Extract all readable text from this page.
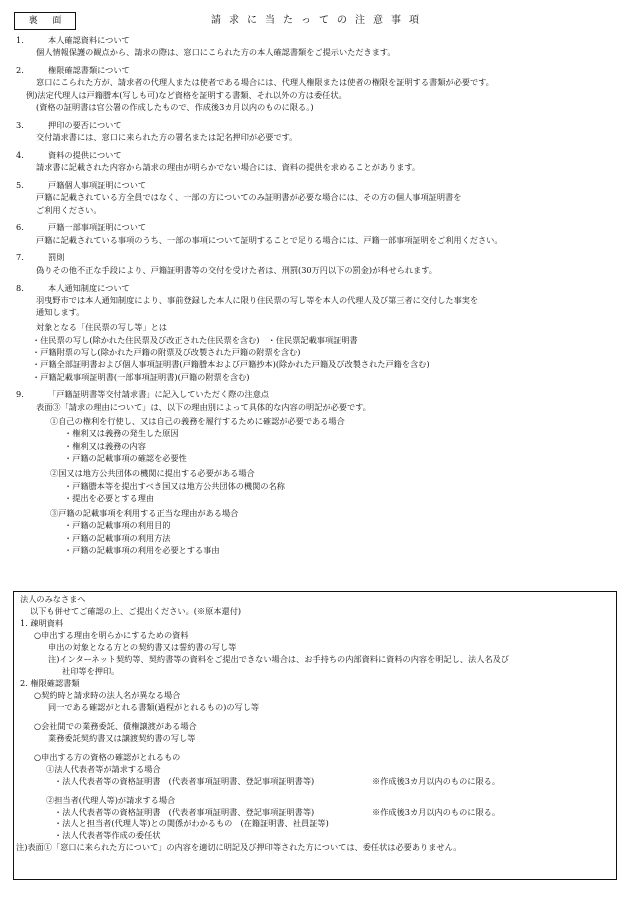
裏 面	請求に当たっての注意事項
1.	本人確認資料について
個人情報保護の観点から、請求の際は、窓口にこられた方の本人確認書類をご提示いただきます。
2.	権限確認書類について
窓口にこられた方が、請求者の代理人または使者である場合には、代理人権限または使者の権限を証明する書類が必要です。
例)法定代理人は戸籍謄本(写しも可)など資格を証明する書類、それ以外の方は委任状。
(資格の証明書は官公署の作成したもので、作成後3カ月以内のものに限る。)
3.	押印の要否について
交付請求書には、窓口に来られた方の署名または記名押印が必要です。
4.	資料の提供について
請求書に記載された内容から請求の理由が明らかでない場合には、資料の提供を求めることがあります。
5.	戸籍個人事項証明について
戸籍に記載されている方全員ではなく、一部の方についてのみ証明書が必要な場合には、その方の個人事項証明書を
ご利用ください。
6.	戸籍一部事項証明について
戸籍に記載されている事項のうち、一部の事項について証明することで足りる場合には、戸籍一部事項証明をご利用ください。
7.	罰則
偽りその他不正な手段により、戸籍証明書等の交付を受けた者は、刑罰(30万円以下の罰金)が科せられます。
8.	本人通知制度について
羽曳野市では本人通知制度により、事前登録した本人に限り住民票の写し等を本人の代理人及び第三者に交付した事実を
通知します。
対象となる「住民票の写し等」とは
・住民票の写し(除かれた住民票及び改正された住民票を含む)　・住民票記載事項証明書
・戸籍附票の写し(除かれた戸籍の附票及び改製された戸籍の附票を含む)
・戸籍全部証明書および個人事項証明書(戸籍謄本および戸籍抄本)(除かれた戸籍及び改製された戸籍を含む)
・戸籍記載事項証明書(一部事項証明書)(戸籍の附票を含む)
9.	「戸籍証明書等交付請求書」に記入していただく際の注意点
表面③「請求の理由について」は、以下の理由別によって具体的な内容の明記が必要です。
①自己の権利を行使し、又は自己の義務を履行するために確認が必要である場合
・権利又は義務の発生した原因
・権利又は義務の内容
・戸籍の記載事項の確認を必要性
②国又は地方公共団体の機関に提出する必要がある場合
・戸籍謄本等を提出すべき国又は地方公共団体の機関の名称
・提出を必要とする理由
③戸籍の記載事項を利用する正当な理由がある場合
・戸籍の記載事項の利用目的
・戸籍の記載事項の利用方法
・戸籍の記載事項の利用を必要とする事由
法人のみなさまへ
以下も併せてご確認の上、ご提出ください。(※原本還付)
1. 疎明資料
○申出する理由を明らかにするための資料
申出の対象となる方との契約書又は誓約書の写し等
注)インターネット契約等、契約書等の資料をご提出できない場合は、お手持ちの内部資料に資料の内容を明記し、法人名及び
社印等を押印。
2. 権限確認書類
○契約時と請求時の法人名が異なる場合
同一である確認がとれる書類(過程がとれるもの)の写し等
○会社間での業務委託、債権譲渡がある場合
業務委託契約書又は譲渡契約書の写し等
○申出する方の資格の確認がとれるもの
①法人代表者等が請求する場合
・法人代表者等の資格証明書　(代表者事項証明書、登記事項証明書等)	※作成後3カ月以内のものに限る。
②担当者(代理人等)が請求する場合
・法人代表者等の資格証明書　(代表者事項証明書、登記事項証明書等)	※作成後3カ月以内のものに限る。
・法人と担当者(代理人等)との関係がわかるもの　(在籍証明書、社員証等)
・法人代表者等作成の委任状
注)表面①「窓口に来られた方について」の内容を適切に明記及び押印等された方については、委任状は必要ありません。
